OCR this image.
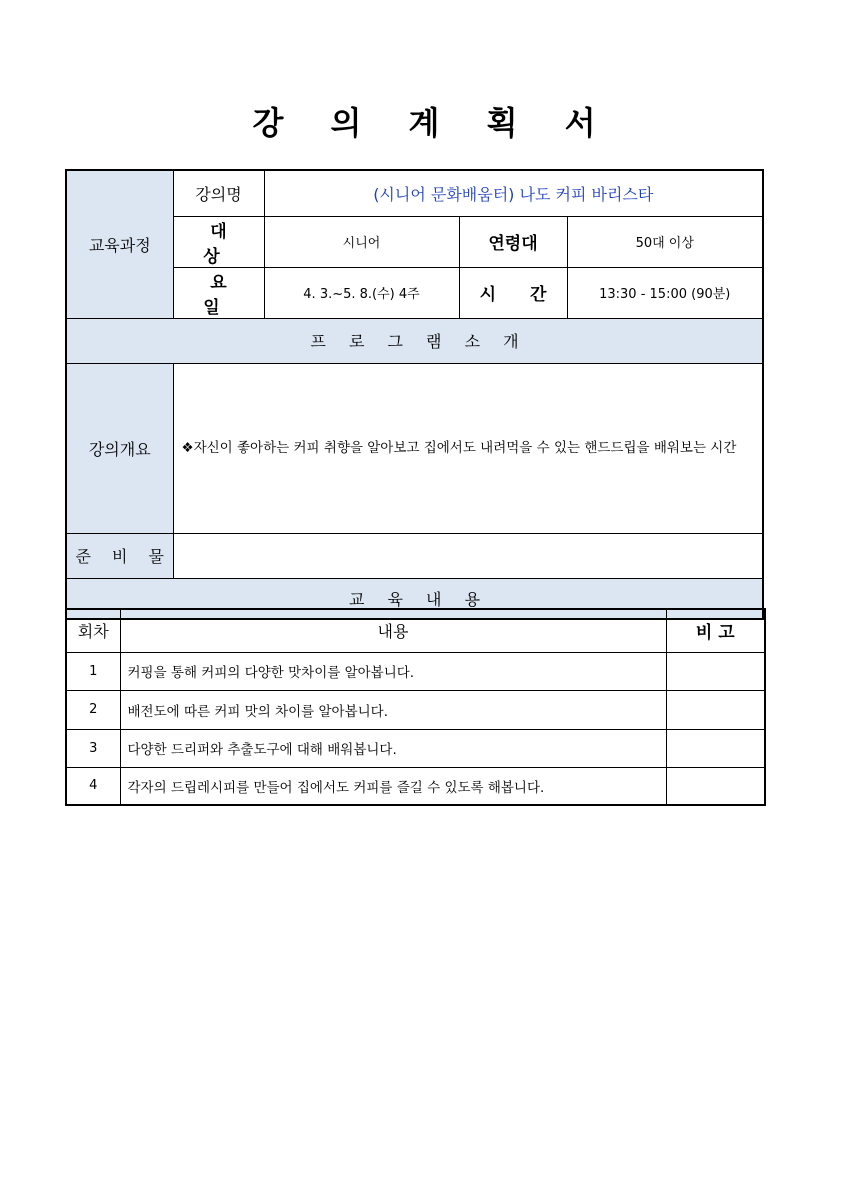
강 의 계 획 서
교육과정	강의명	(시니어 문화배움터) 나도 커피 바리스타		
	대 상	시니어	연령대	50대 이상
	요 일	4. 3.~5. 8.(수) 4주	시 간	13:30 - 15:00 (90분)
프 로 그 램 소 개				
강의개요	❖자신이 좋아하는 커피 취향을 알아보고 집에서도 내려먹을 수 있는 핸드드립을 배워보는 시간			
준 비 물				
교 육 내 용				
회차	내용	비 고
1	커핑을 통해 커피의 다양한 맛차이를 알아봅니다.	
2	배전도에 따른 커피 맛의 차이를 알아봅니다.	
3	다양한 드리퍼와 추출도구에 대해 배워봅니다.	
4	각자의 드립레시피를 만들어 집에서도 커피를 즐길 수 있도록 해봅니다.	
